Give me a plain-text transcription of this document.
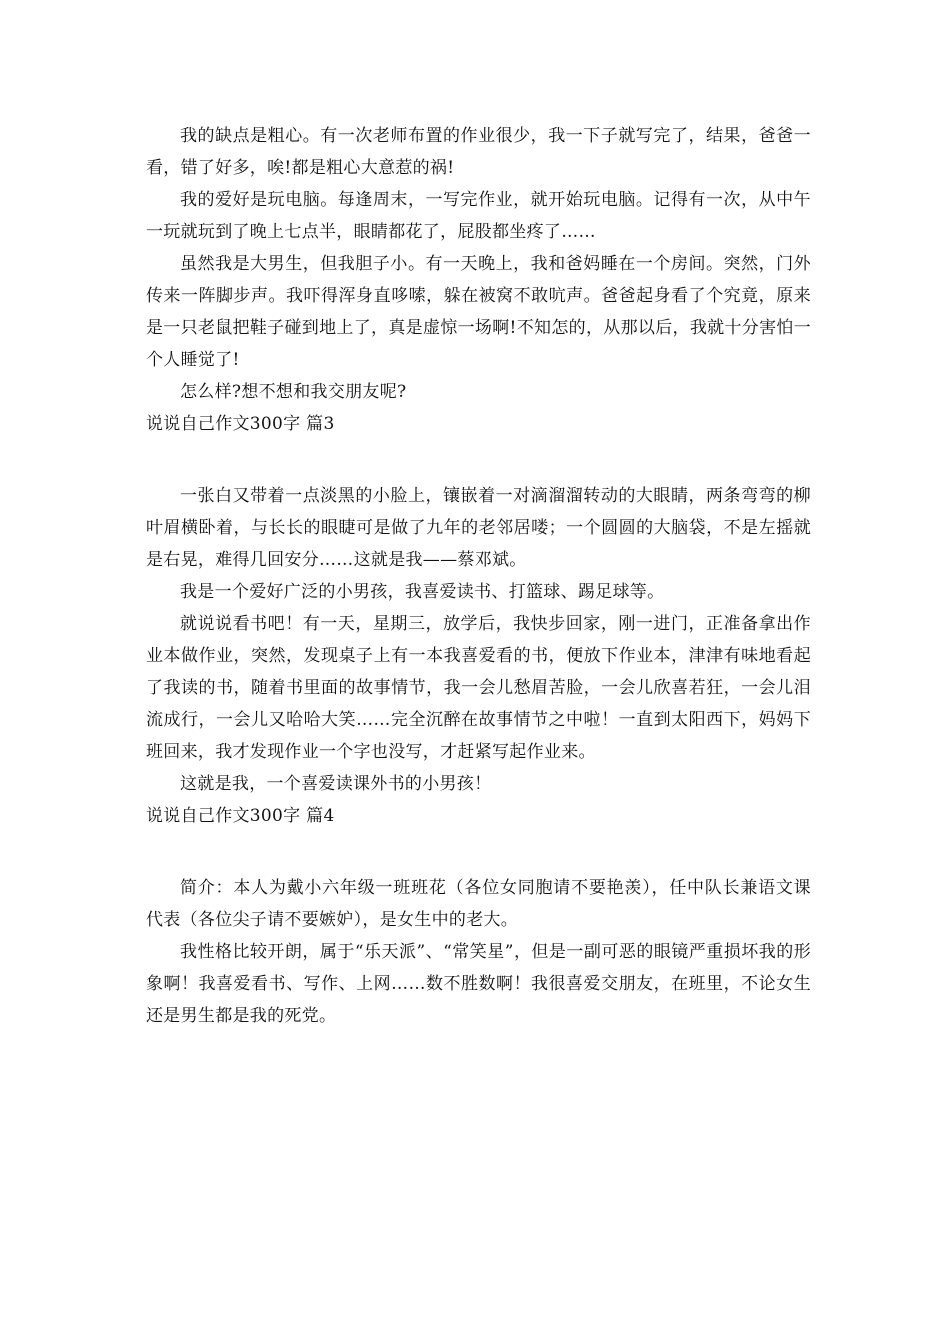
我的缺点是粗心。有一次老师布置的作业很少，我一下子就写完了，结果，爸爸一看，错了好多，唉!都是粗心大意惹的祸!

我的爱好是玩电脑。每逢周末，一写完作业，就开始玩电脑。记得有一次，从中午一玩就玩到了晚上七点半，眼睛都花了，屁股都坐疼了……

虽然我是大男生，但我胆子小。有一天晚上，我和爸妈睡在一个房间。突然，门外传来一阵脚步声。我吓得浑身直哆嗦，躲在被窝不敢吭声。爸爸起身看了个究竟，原来是一只老鼠把鞋子碰到地上了，真是虚惊一场啊!不知怎的，从那以后，我就十分害怕一个人睡觉了!

怎么样?想不想和我交朋友呢?

说说自己作文300字 篇3

一张白又带着一点淡黑的小脸上，镶嵌着一对滴溜溜转动的大眼睛，两条弯弯的柳叶眉横卧着，与长长的眼睫可是做了九年的老邻居喽；一个圆圆的大脑袋，不是左摇就是右晃，难得几回安分……这就是我——蔡邓斌。

我是一个爱好广泛的小男孩，我喜爱读书、打篮球、踢足球等。

就说说看书吧！有一天，星期三，放学后，我快步回家，刚一进门，正准备拿出作业本做作业，突然，发现桌子上有一本我喜爱看的书，便放下作业本，津津有味地看起了我读的书，随着书里面的故事情节，我一会儿愁眉苦脸，一会儿欣喜若狂，一会儿泪流成行，一会儿又哈哈大笑……完全沉醉在故事情节之中啦！一直到太阳西下，妈妈下班回来，我才发现作业一个字也没写，才赶紧写起作业来。

这就是我，一个喜爱读课外书的小男孩！

说说自己作文300字 篇4

简介：本人为戴小六年级一班班花（各位女同胞请不要艳羡），任中队长兼语文课代表（各位尖子请不要嫉妒），是女生中的老大。

我性格比较开朗，属于“乐天派”、“常笑星”，但是一副可恶的眼镜严重损坏我的形象啊！我喜爱看书、写作、上网……数不胜数啊！我很喜爱交朋友，在班里，不论女生还是男生都是我的死党。
